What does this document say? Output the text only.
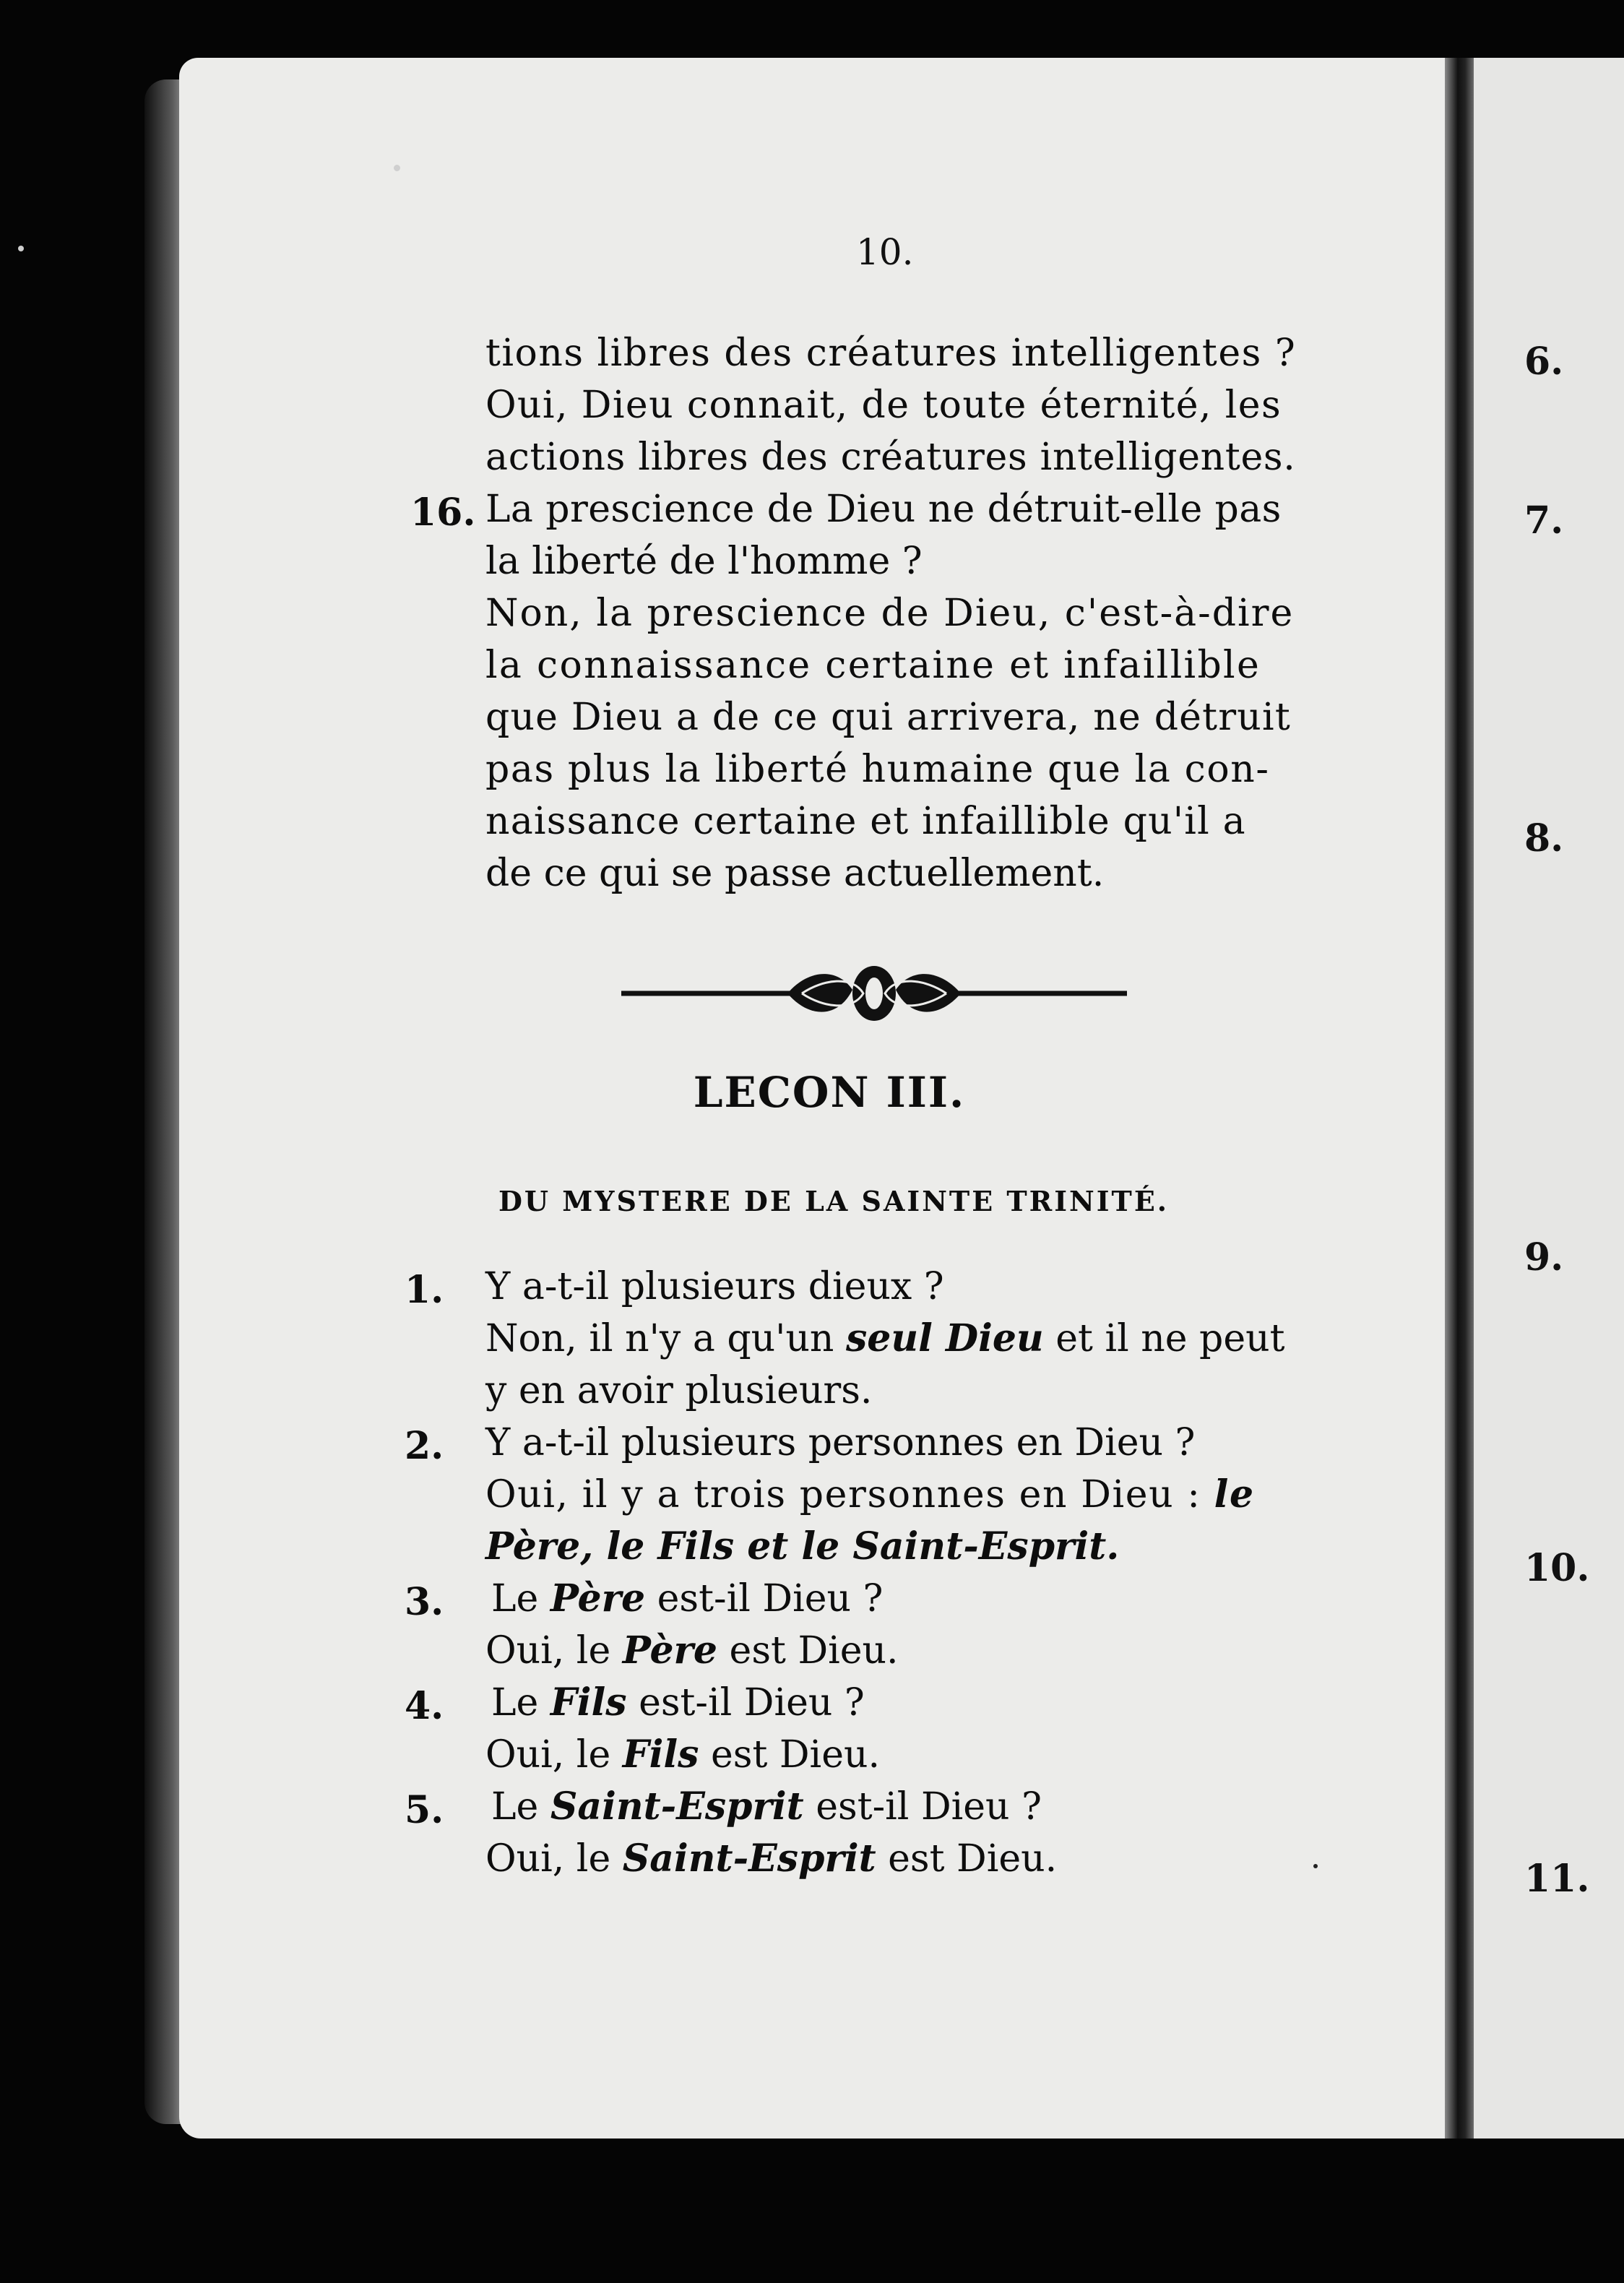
6.

7.

8.

9.

10.

11.

10.

tions libres des créatures intelligentes ?

Oui, Dieu connait, de toute éternité, les

actions libres des créatures intelligentes.

16. La prescience de Dieu ne détruit-elle pas

la liberté de l'homme ?

Non, la prescience de Dieu, c'est-à-dire

la connaissance certaine et infaillible

que Dieu a de ce qui arrivera, ne détruit

pas plus la liberté humaine que la con-

naissance certaine et infaillible qu'il a

de ce qui se passe actuellement.

LECON III.

DU MYSTERE DE LA SAINTE TRINITÉ.

1. Y a-t-il plusieurs dieux ?

Non, il n'y a qu'un seul Dieu et il ne peut

y en avoir plusieurs.

2. Y a-t-il plusieurs personnes en Dieu ?

Oui, il y a trois personnes en Dieu : le

Père, le Fils et le Saint-Esprit.

3. Le Père est-il Dieu ?

Oui, le Père est Dieu.

4. Le Fils est-il Dieu ?

Oui, le Fils est Dieu.

5. Le Saint-Esprit est-il Dieu ?

Oui, le Saint-Esprit est Dieu.
